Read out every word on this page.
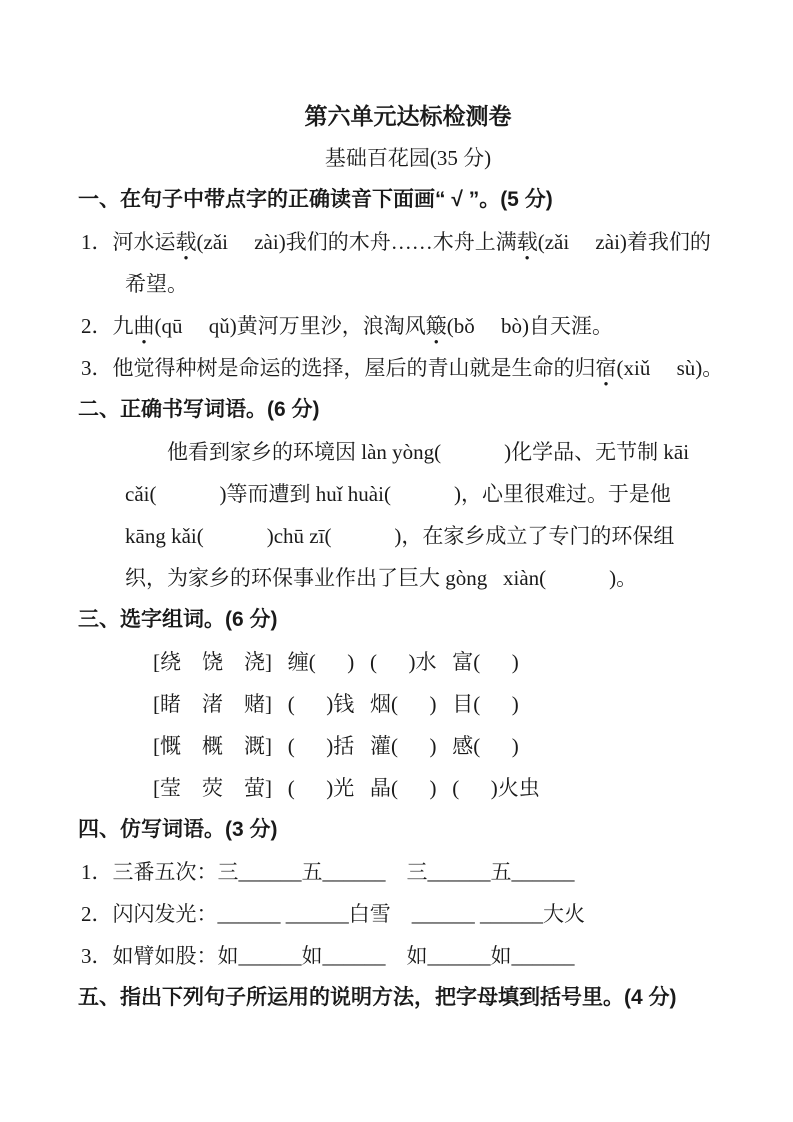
第六单元达标检测卷
基础百花园(35 分)
一、在句子中带点字的正确读音下面画“ √ ”。(5 分)
1．河水运载 ●(zǎi     zài)我们的木舟……木舟上满载 ●(zǎi     zài)着我们的
希望。
2．九曲 ●(qū     qǔ)黄河万里沙，浪淘风簸 ●(bǒ     bò)自天涯。
3．他觉得种树是命运的选择，屋后的青山就是生命的归宿 ●(xiǔ     sù)。
二、正确书写词语。(6 分)
他看到家乡的环境因 làn yòng(            )化学品、无节制 kāi
cǎi(            )等而遭到 huǐ huài(            )，心里很难过。于是他
kāng kǎi(            )chū zī(            )，在家乡成立了专门的环保组
织，为家乡的环保事业作出了巨大 gòng   xiàn(            )。
三、选字组词。(6 分)
[绕    饶    浇]   缠(      )   (      )水   富(      )
[睹    渚    赌]   (      )钱   烟(      )   目(      )
[慨    概    溉]   (      )括   灌(      )   感(      )
[莹    荧    萤]   (      )光   晶(      )   (      )火虫
四、仿写词语。(3 分)
1．三番五次：三______五______    三______五______
2．闪闪发光：______ ______白雪    ______ ______大火
3．如臂如股：如______如______    如______如______
五、指出下列句子所运用的说明方法，把字母填到括号里。(4 分)
